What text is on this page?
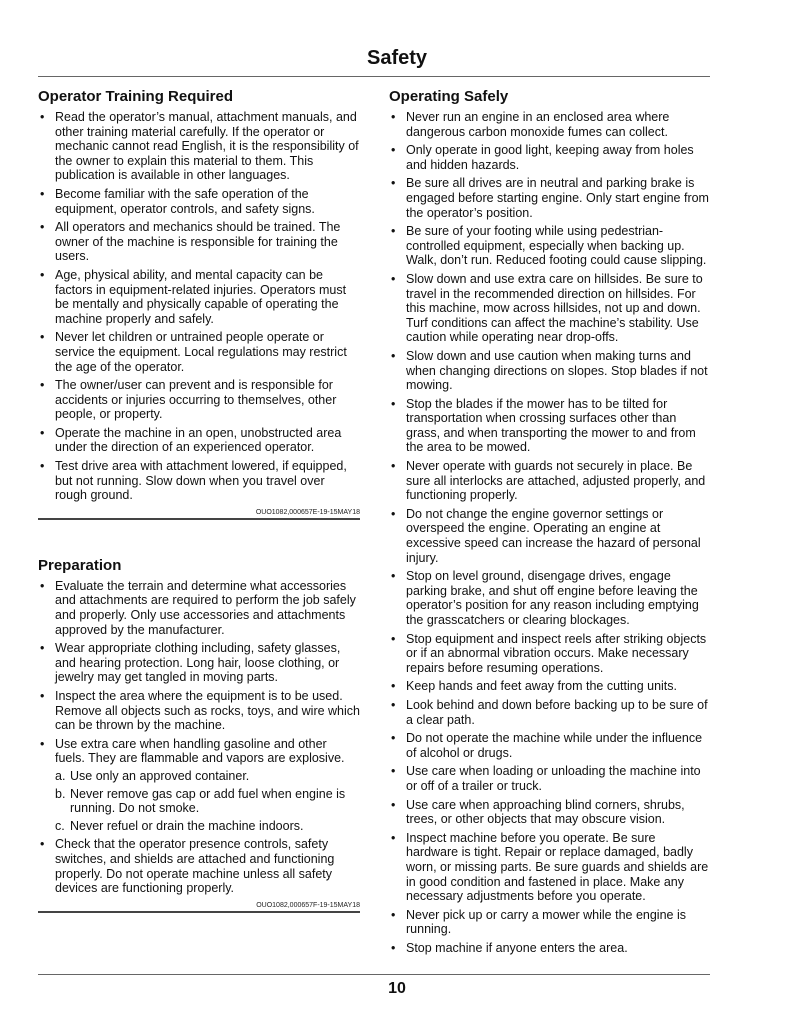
Safety
Operator Training Required
• Read the operator’s manual, attachment manuals, and other training material carefully. If the operator or mechanic cannot read English, it is the responsibility of the owner to explain this material to them. This publication is available in other languages.
• Become familiar with the safe operation of the equipment, operator controls, and safety signs.
• All operators and mechanics should be trained. The owner of the machine is responsible for training the users.
• Age, physical ability, and mental capacity can be factors in equipment-related injuries. Operators must be mentally and physically capable of operating the machine properly and safely.
• Never let children or untrained people operate or service the equipment. Local regulations may restrict the age of the operator.
• The owner/user can prevent and is responsible for accidents or injuries occurring to themselves, other people, or property.
• Operate the machine in an open, unobstructed area under the direction of an experienced operator.
• Test drive area with attachment lowered, if equipped, but not running. Slow down when you travel over rough ground.
OUO1082,000657E-19-15MAY18
Preparation
• Evaluate the terrain and determine what accessories and attachments are required to perform the job safely and properly. Only use accessories and attachments approved by the manufacturer.
• Wear appropriate clothing including, safety glasses, and hearing protection. Long hair, loose clothing, or jewelry may get tangled in moving parts.
• Inspect the area where the equipment is to be used. Remove all objects such as rocks, toys, and wire which can be thrown by the machine.
• Use extra care when handling gasoline and other fuels. They are flammable and vapors are explosive.
a. Use only an approved container.
b. Never remove gas cap or add fuel when engine is running. Do not smoke.
c. Never refuel or drain the machine indoors.
• Check that the operator presence controls, safety switches, and shields are attached and functioning properly. Do not operate machine unless all safety devices are functioning properly.
OUO1082,000657F-19-15MAY18
Operating Safely
• Never run an engine in an enclosed area where dangerous carbon monoxide fumes can collect.
• Only operate in good light, keeping away from holes and hidden hazards.
• Be sure all drives are in neutral and parking brake is engaged before starting engine. Only start engine from the operator’s position.
• Be sure of your footing while using pedestrian-controlled equipment, especially when backing up. Walk, don’t run. Reduced footing could cause slipping.
• Slow down and use extra care on hillsides. Be sure to travel in the recommended direction on hillsides. For this machine, mow across hillsides, not up and down. Turf conditions can affect the machine’s stability. Use caution while operating near drop-offs.
• Slow down and use caution when making turns and when changing directions on slopes. Stop blades if not mowing.
• Stop the blades if the mower has to be tilted for transportation when crossing surfaces other than grass, and when transporting the mower to and from the area to be mowed.
• Never operate with guards not securely in place. Be sure all interlocks are attached, adjusted properly, and functioning properly.
• Do not change the engine governor settings or overspeed the engine. Operating an engine at excessive speed can increase the hazard of personal injury.
• Stop on level ground, disengage drives, engage parking brake, and shut off engine before leaving the operator’s position for any reason including emptying the grasscatchers or clearing blockages.
• Stop equipment and inspect reels after striking objects or if an abnormal vibration occurs. Make necessary repairs before resuming operations.
• Keep hands and feet away from the cutting units.
• Look behind and down before backing up to be sure of a clear path.
• Do not operate the machine while under the influence of alcohol or drugs.
• Use care when loading or unloading the machine into or off of a trailer or truck.
• Use care when approaching blind corners, shrubs, trees, or other objects that may obscure vision.
• Inspect machine before you operate. Be sure hardware is tight. Repair or replace damaged, badly worn, or missing parts. Be sure guards and shields are in good condition and fastened in place. Make any necessary adjustments before you operate.
• Never pick up or carry a mower while the engine is running.
• Stop machine if anyone enters the area.
10
